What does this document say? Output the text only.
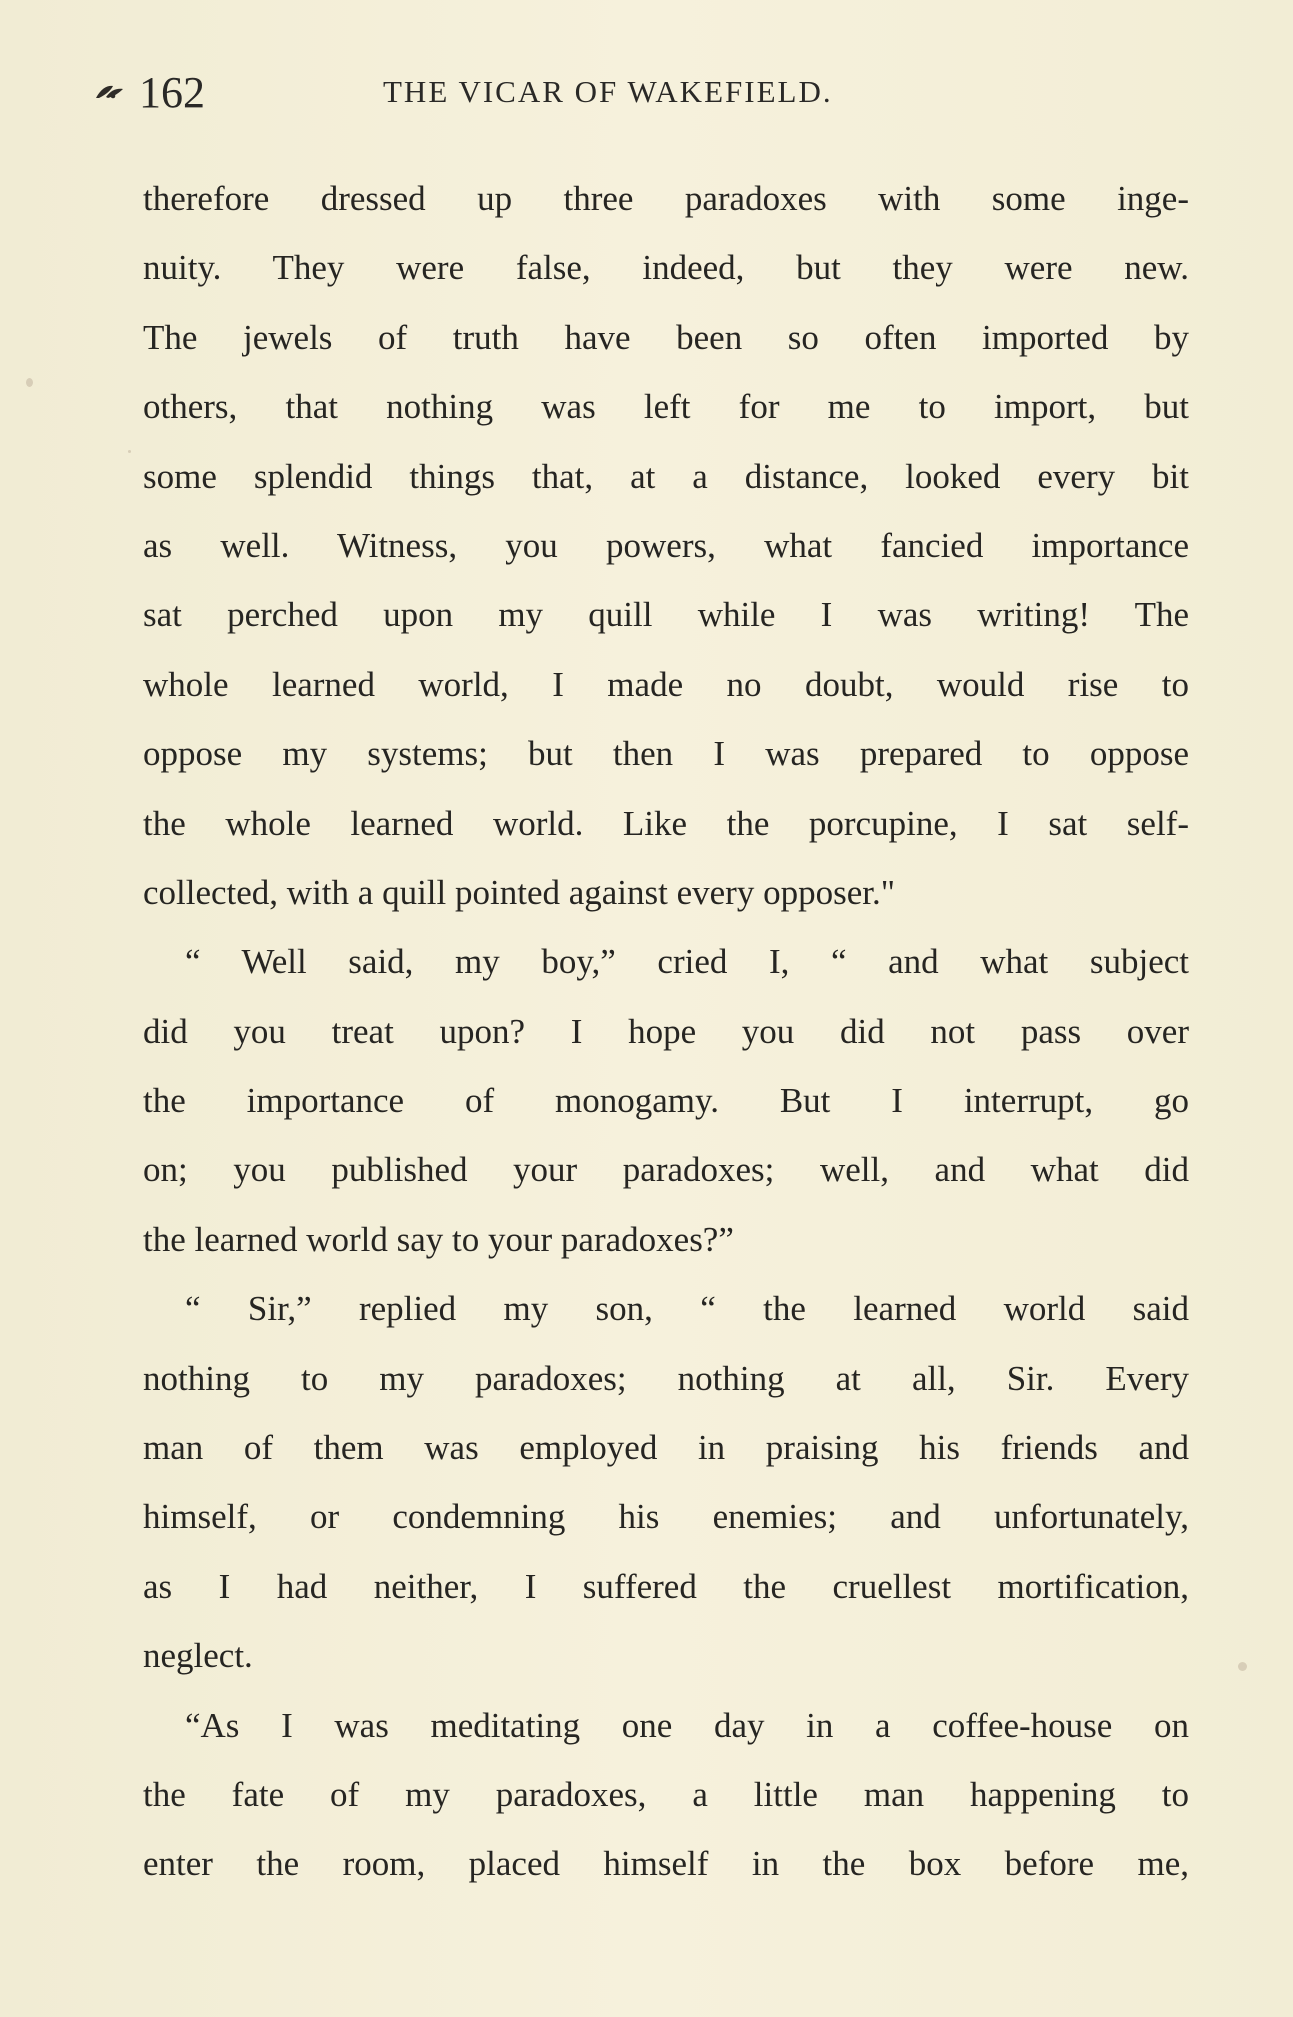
162	THE VICAR OF WAKEFIELD.
therefore dressed up three paradoxes with some inge-
nuity. They were false, indeed, but they were new.
The jewels of truth have been so often imported by
others, that nothing was left for me to import, but
some splendid things that, at a distance, looked every bit
as well. Witness, you powers, what fancied importance
sat perched upon my quill while I was writing! The
whole learned world, I made no doubt, would rise to
oppose my systems; but then I was prepared to oppose
the whole learned world. Like the porcupine, I sat self-
collected, with a quill pointed against every opposer."
“ Well said, my boy,” cried I, “ and what subject
did you treat upon? I hope you did not pass over
the importance of monogamy. But I interrupt, go
on; you published your paradoxes; well, and what did
the learned world say to your paradoxes?”
“ Sir,” replied my son, “ the learned world said
nothing to my paradoxes; nothing at all, Sir. Every
man of them was employed in praising his friends and
himself, or condemning his enemies; and unfortunately,
as I had neither, I suffered the cruellest mortification,
neglect.
“As I was meditating one day in a coffee-house on
the fate of my paradoxes, a little man happening to
enter the room, placed himself in the box before me,
